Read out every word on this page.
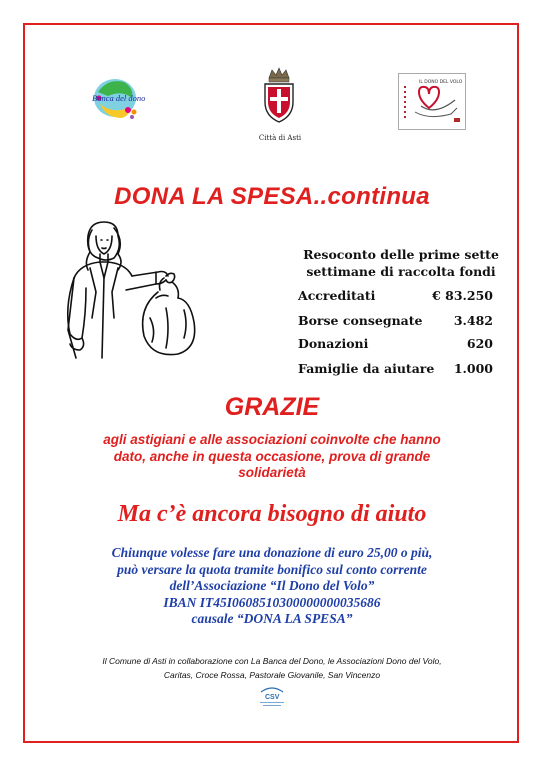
Banca del dono
Città di Asti
IL DONO DEL VOLO
DONA LA SPESA..continua
Resoconto delle prime sette
settimane di raccolta fondi
Accreditati	€ 83.250
Borse consegnate	3.482
Donazioni	620
Famiglie da aiutare 1.000
GRAZIE
agli astigiani e alle associazioni coinvolte che hanno
dato, anche in questa occasione, prova di grande
solidarietà
Ma c’è ancora bisogno di aiuto
Chiunque volesse fare una donazione di euro 25,00 o più,
può versare la quota tramite bonifico sul conto corrente
dell’Associazione “Il Dono del Volo”
IBAN IT45I0608510300000000035686
causale “DONA LA SPESA”
Il Comune di Asti in collaborazione con La Banca del Dono, le Associazioni Dono del Volo,
Caritas, Croce Rossa, Pastorale Giovanile, San Vincenzo
CSV
